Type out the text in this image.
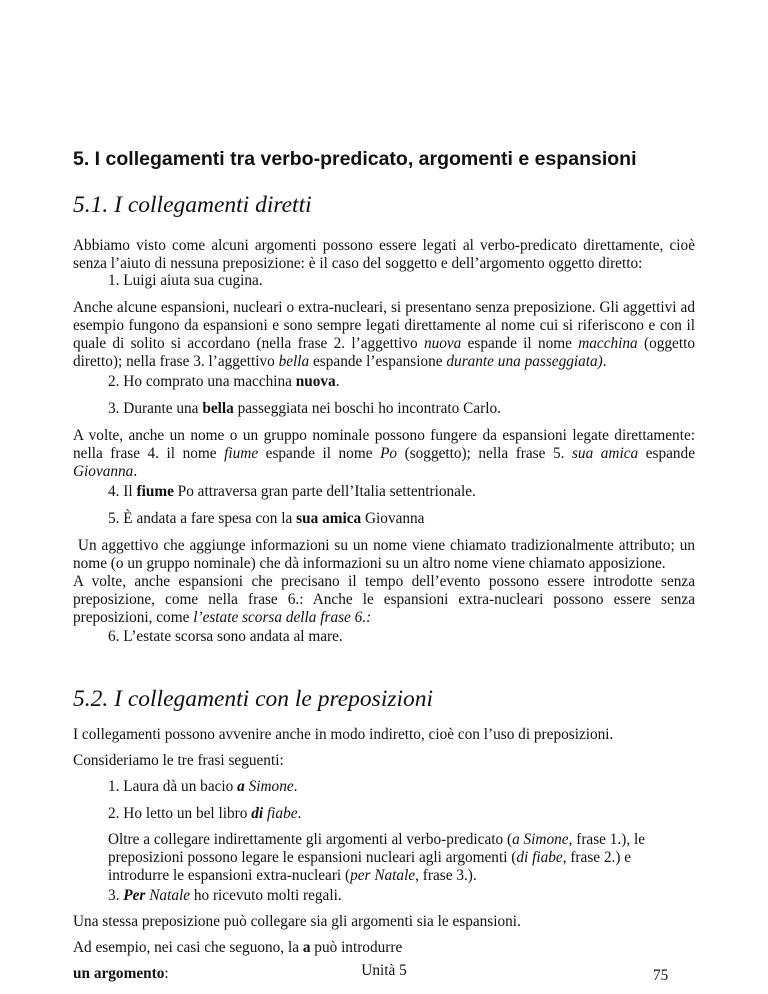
5. I collegamenti tra verbo-predicato, argomenti e espansioni
5.1. I collegamenti diretti

Abbiamo visto come alcuni argomenti possono essere legati al verbo-predicato direttamente, cioè senza l’aiuto di nessuna preposizione: è il caso del soggetto e dell’argomento oggetto diretto:

1. Luigi aiuta sua cugina.

Anche alcune espansioni, nucleari o extra-nucleari, si presentano senza preposizione. Gli aggettivi ad esempio fungono da espansioni e sono sempre legati direttamente al nome cui si riferiscono e con il quale di solito si accordano (nella frase 2. l’aggettivo nuova espande il nome macchina (oggetto diretto); nella frase 3. l’aggettivo bella espande l’espansione durante una passeggiata).

2. Ho comprato una macchina nuova.
3. Durante una bella passeggiata nei boschi ho incontrato Carlo.

A volte, anche un nome o un gruppo nominale possono fungere da espansioni legate direttamente: nella frase 4. il nome fiume espande il nome Po (soggetto); nella frase 5. sua amica espande Giovanna.

4. Il fiume Po attraversa gran parte dell’Italia settentrionale.
5. È andata a fare spesa con la sua amica Giovanna

Un aggettivo che aggiunge informazioni su un nome viene chiamato tradizionalmente attributo; un nome (o un gruppo nominale) che dà informazioni su un altro nome viene chiamato apposizione.

A volte, anche espansioni che precisano il tempo dell’evento possono essere introdotte senza preposizione, come nella frase 6.: Anche le espansioni extra-nucleari possono essere senza preposizioni, come l’estate scorsa della frase 6.:

6. L’estate scorsa sono andata al mare.
5.2. I collegamenti con le preposizioni

I collegamenti possono avvenire anche in modo indiretto, cioè con l’uso di preposizioni.

Consideriamo le tre frasi seguenti:

1. Laura dà un bacio a Simone.
2. Ho letto un bel libro di fiabe.

Oltre a collegare indirettamente gli argomenti al verbo-predicato (a Simone, frase 1.), le preposizioni possono legare le espansioni nucleari agli argomenti (di fiabe, frase 2.) e introdurre le espansioni extra-nucleari (per Natale, frase 3.).

3. Per Natale ho ricevuto molti regali.

Una stessa preposizione può collegare sia gli argomenti sia le espansioni.

Ad esempio, nei casi che seguono, la a può introdurre

un argomento:	Unità 5	75
